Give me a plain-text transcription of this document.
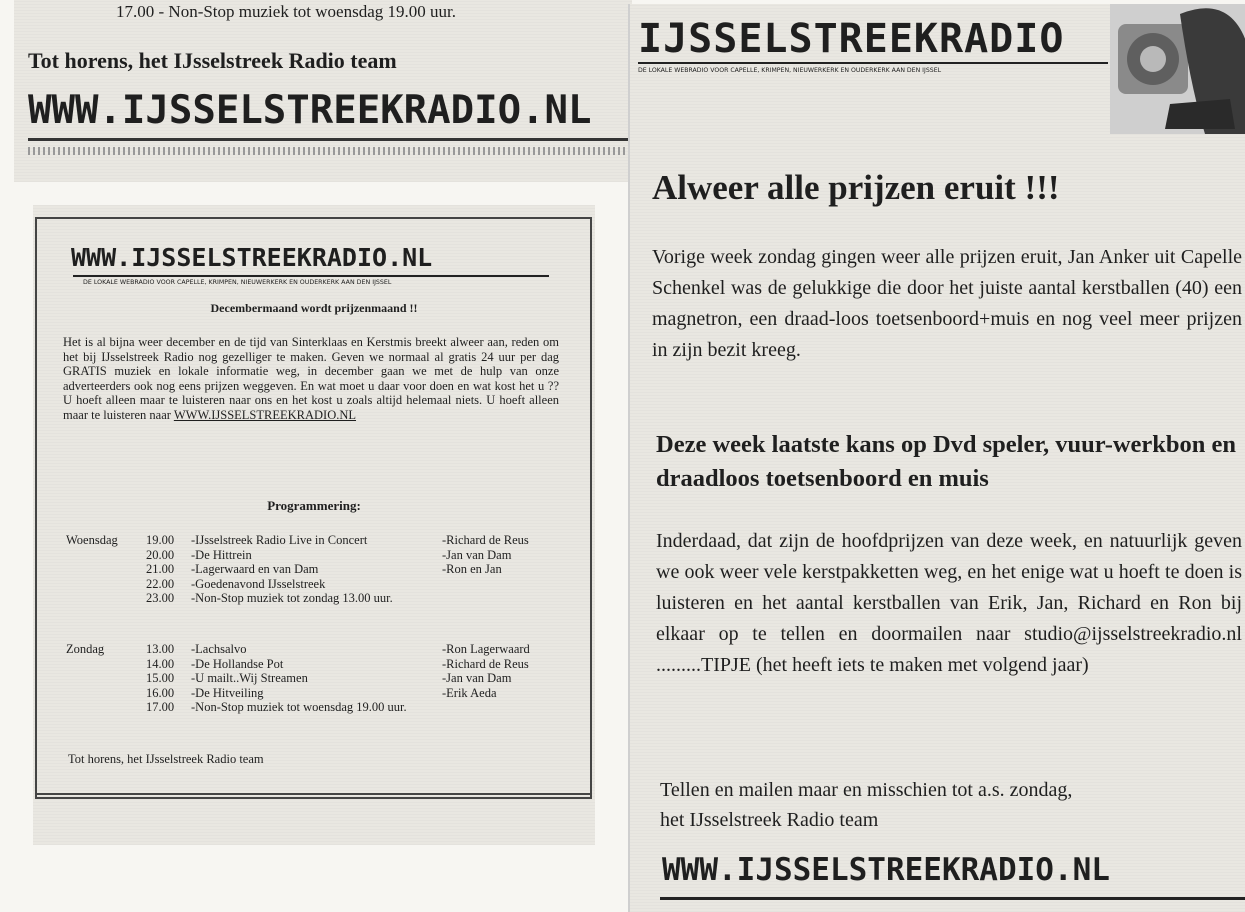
17.00 - Non-Stop muziek tot woensdag 19.00 uur.
Tot horens, het IJsselstreek Radio team
WWW.IJSSELSTREEKRADIO.NL
WWW.IJSSELSTREEKRADIO.NL
DE LOKALE WEBRADIO VOOR CAPELLE, KRIMPEN, NIEUWERKERK EN OUDERKERK AAN DEN IJSSEL
Decembermaand wordt prijzenmaand !!
Het is al bijna weer december en de tijd van Sinterklaas en Kerstmis breekt alweer aan, reden om het bij IJsselstreek Radio nog gezelliger te maken. Geven we normaal al gratis 24 uur per dag GRATIS muziek en lokale informatie weg, in december gaan we met de hulp van onze adverteerders ook nog eens prijzen weggeven. En wat moet u daar voor doen en wat kost het u ?? U hoeft alleen maar te luisteren naar ons en het kost u zoals altijd helemaal niets. U hoeft alleen maar te luisteren naar WWW.IJSSELSTREEKRADIO.NL
Programmering:
Woensdag 19.00 -IJsselstreek Radio Live in Concert	-Richard de Reus
20.00 -De Hittrein	-Jan van Dam
21.00 -Lagerwaard en van Dam	-Ron en Jan
22.00 -Goedenavond IJsselstreek
23.00 -Non-Stop muziek tot zondag 13.00 uur.
Zondag	13.00 -Lachsalvo	-Ron Lagerwaard
14.00 -De Hollandse Pot	-Richard de Reus
15.00 -U mailt..Wij Streamen	-Jan van Dam
16.00 -De Hitveiling	-Erik Aeda
17.00 -Non-Stop muziek tot woensdag 19.00 uur.
Tot horens, het IJsselstreek Radio team
IJSSELSTREEKRADIO
DE LOKALE WEBRADIO VOOR CAPELLE, KRIMPEN, NIEUWERKERK EN OUDERKERK AAN DEN IJSSEL
Alweer alle prijzen eruit !!!
Vorige week zondag gingen weer alle prijzen eruit, Jan Anker uit Capelle Schenkel was de gelukkige die door het juiste aantal kerstballen (40) een magnetron, een draad-loos toetsenboord+muis en nog veel meer prijzen in zijn bezit kreeg.
Deze week laatste kans op Dvd speler, vuur-werkbon en draadloos toetsenboord en muis
Inderdaad, dat zijn de hoofdprijzen van deze week, en natuurlijk geven we ook weer vele kerstpakketten weg, en het enige wat u hoeft te doen is luisteren en het aantal kerstballen van Erik, Jan, Richard en Ron bij elkaar op te tellen en doormailen naar studio@ijsselstreekradio.nl .........TIPJE (het heeft iets te maken met volgend jaar)
Tellen en mailen maar en misschien tot a.s. zondag,
het IJsselstreek Radio team
WWW.IJSSELSTREEKRADIO.NL
